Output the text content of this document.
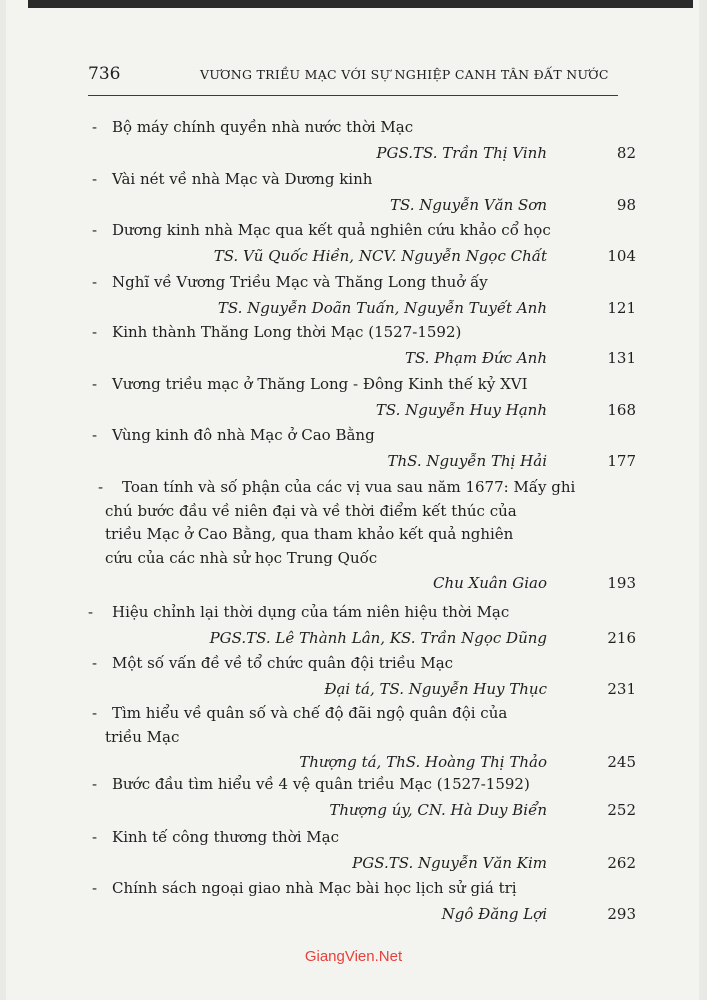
736	VƯƠNG TRIỀU MẠC VỚI SỰ NGHIỆP CANH TÂN ĐẤT NƯỚC
- Bộ máy chính quyền nhà nước thời Mạc
PGS.TS. Trần Thị Vinh	82
- Vài nét về nhà Mạc và Dương kinh
TS. Nguyễn Văn Sơn	98
- Dương kinh nhà Mạc qua kết quả nghiên cứu khảo cổ học
TS. Vũ Quốc Hiền, NCV. Nguyễn Ngọc Chất	104
- Nghĩ về Vương Triều Mạc và Thăng Long thuở ấy
TS. Nguyễn Doãn Tuấn, Nguyễn Tuyết Anh	121
- Kinh thành Thăng Long thời Mạc (1527-1592)
TS. Phạm Đức Anh	131
- Vương triều mạc ở Thăng Long - Đông Kinh thế kỷ XVI
TS. Nguyễn Huy Hạnh	168
- Vùng kinh đô nhà Mạc ở Cao Bằng
ThS. Nguyễn Thị Hải	177
- Toan tính và số phận của các vị vua sau năm 1677: Mấy ghi
chú bước đầu về niên đại và về thời điểm kết thúc của
triều Mạc ở Cao Bằng, qua tham khảo kết quả nghiên
cứu của các nhà sử học Trung Quốc
Chu Xuân Giao	193
- Hiệu chỉnh lại thời dụng của tám niên hiệu thời Mạc
PGS.TS. Lê Thành Lân, KS. Trần Ngọc Dũng	216
- Một số vấn đề về tổ chức quân đội triều Mạc
Đại tá, TS. Nguyễn Huy Thục	231
- Tìm hiểu về quân số và chế độ đãi ngộ quân đội của
triều Mạc
Thượng tá, ThS. Hoàng Thị Thảo	245
- Bước đầu tìm hiểu về 4 vệ quân triều Mạc (1527-1592)
Thượng úy, CN. Hà Duy Biển	252
- Kinh tế công thương thời Mạc
PGS.TS. Nguyễn Văn Kim	262
- Chính sách ngoại giao nhà Mạc bài học lịch sử giá trị
Ngô Đăng Lợi	293
GiangVien.Net
